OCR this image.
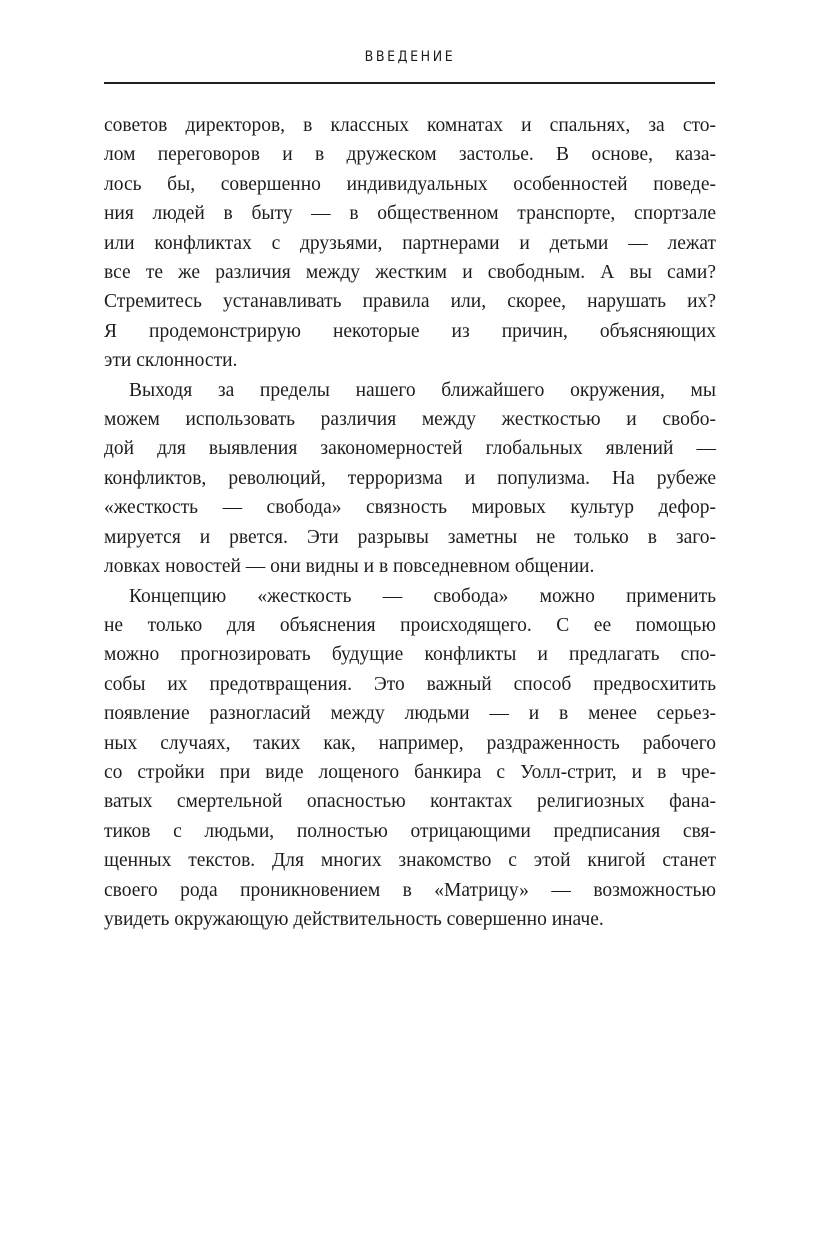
ВВЕДЕНИЕ
советов директоров, в классных комнатах и спальнях, за сто-
лом переговоров и в дружеском застолье. В основе, каза-
лось бы, совершенно индивидуальных особенностей поведе-
ния людей в быту — в общественном транспорте, спортзале
или конфликтах с друзьями, партнерами и детьми — лежат
все те же различия между жестким и свободным. А вы сами?
Стремитесь устанавливать правила или, скорее, нарушать их?
Я продемонстрирую некоторые из причин, объясняющих
эти склонности.
Выходя за пределы нашего ближайшего окружения, мы
можем использовать различия между жесткостью и свобо-
дой для выявления закономерностей глобальных явлений —
конфликтов, революций, терроризма и популизма. На рубеже
«жесткость — свобода» связность мировых культур дефор-
мируется и рвется. Эти разрывы заметны не только в заго-
ловках новостей — они видны и в повседневном общении.
Концепцию «жесткость — свобода» можно применить
не только для объяснения происходящего. С ее помощью
можно прогнозировать будущие конфликты и предлагать спо-
собы их предотвращения. Это важный способ предвосхитить
появление разногласий между людьми — и в менее серьез-
ных случаях, таких как, например, раздраженность рабочего
со стройки при виде лощеного банкира с Уолл-стрит, и в чре-
ватых смертельной опасностью контактах религиозных фана-
тиков с людьми, полностью отрицающими предписания свя-
щенных текстов. Для многих знакомство с этой книгой станет
своего рода проникновением в «Матрицу» — возможностью
увидеть окружающую действительность совершенно иначе.
